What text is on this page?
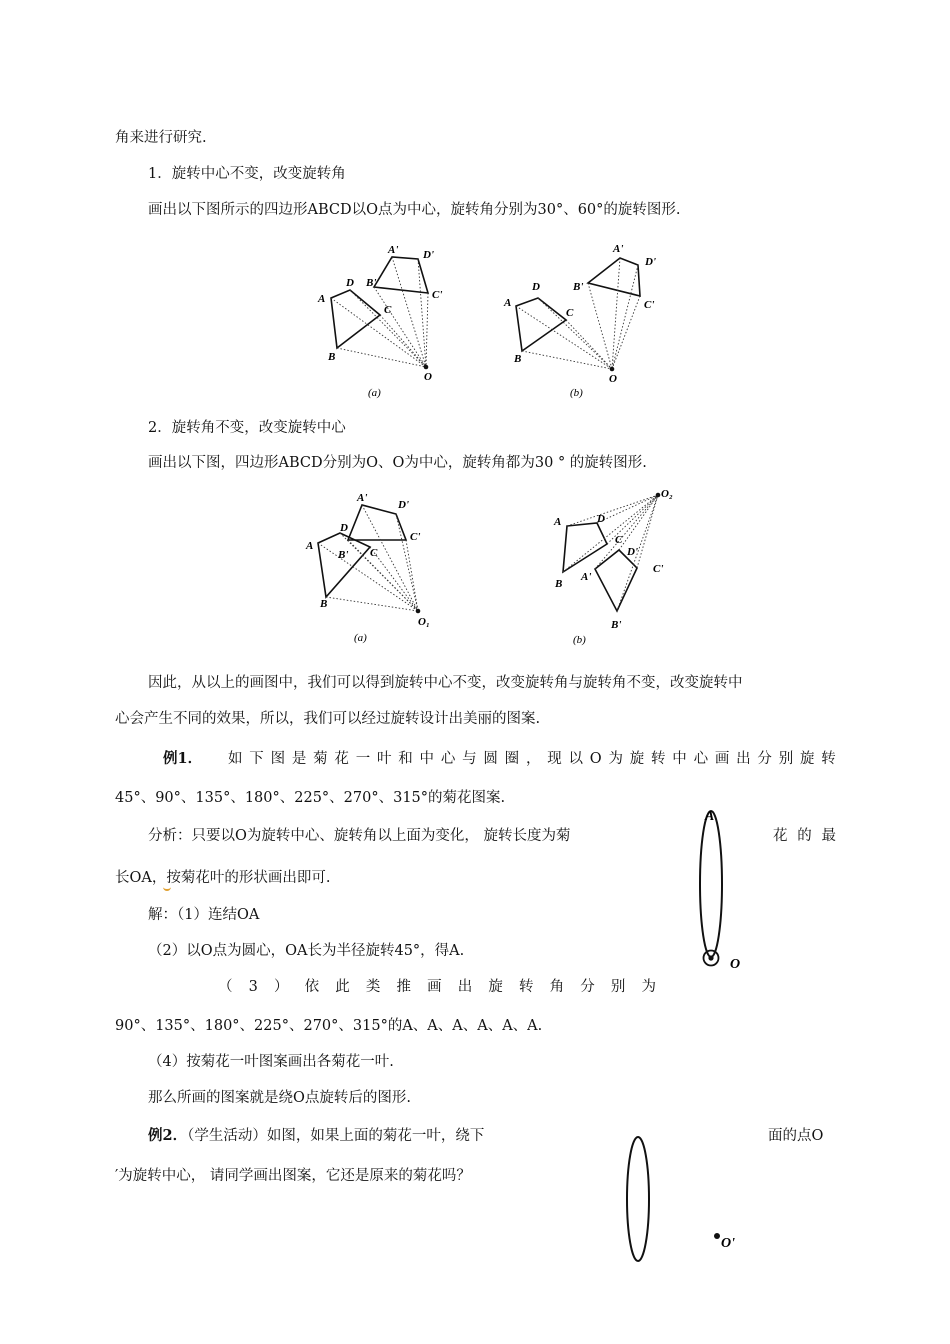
角来进行研究.
1．旋转中心不变，改变旋转角
画出以下图所示的四边形ABCD以O点为中心，旋转角分别为30°、60°的旋转图形.
A
B
C
D
A'
B'
C'
D'
O
(a)
A
B
C
D
A'
B'
C'
D'
O
(b)
2．旋转角不变，改变旋转中心
画出以下图，四边形ABCD分别为O、O为中心，旋转角都为30 ° 的旋转图形.
A
B
C
D
A'
B'
C'
D'
O₁
(a)
A
B
C
D
A'
B'
C'
D'
O₂
(b)
因此，从以上的画图中，我们可以得到旋转中心不变，改变旋转角与旋转角不变，改变旋转中
心会产生不同的效果，所以，我们可以经过旋转设计出美丽的图案.
例1． 如 下 图 是 菊 花 一 叶 和 中 心 与 圆 圈 ， 现 以 O 为 旋 转 中 心 画 出 分 别 旋 转
45°、90°、135°、180°、225°、270°、315°的菊花图案.
分析：只要以O为旋转中心、旋转角以上面为变化， 旋转长度为菊	花 的 最
长OA，按菊花叶的形状画出即可.
解：（1）连结OA
（2）以O点为圆心，OA长为半径旋转45°，得A.
（ 3 ） 依 此 类 推 画 出 旋 转 角 分 别 为
90°、135°、180°、225°、270°、315°的A、A、A、A、A、A.
（4）按菊花一叶图案画出各菊花一叶.
那么所画的图案就是绕O点旋转后的图形.
A
O
例2．（学生活动）如图，如果上面的菊花一叶，绕下	面的点O
′为旋转中心， 请同学画出图案，它还是原来的菊花吗？
O'
